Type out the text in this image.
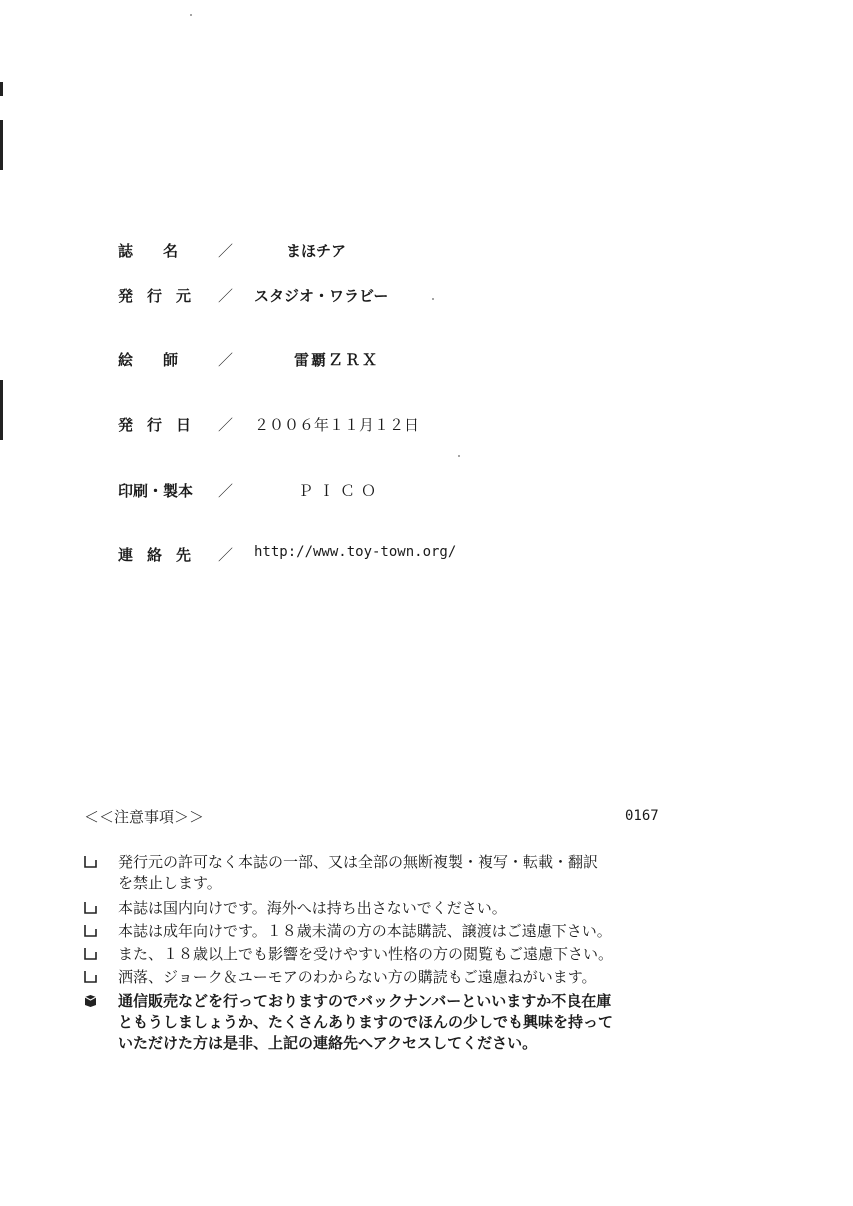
誌　　名	／	まほチア
発行元 ／ スタジオ・ワラビー
絵　　師	／	雷覇ＺＲＸ
発行日 ／ ２００６年１１月１２日
印刷・製本 ／	ＰＩＣＯ
連絡先 ／ http://www.toy-town.org/
＜＜注意事項＞＞	0167
発行元の許可なく本誌の一部、又は全部の無断複製・複写・転載・翻訳
を禁止します。
本誌は国内向けです。海外へは持ち出さないでください。
本誌は成年向けです。１８歳未満の方の本誌購読、譲渡はご遠慮下さい。
また、１８歳以上でも影響を受けやすい性格の方の閲覧もご遠慮下さい。
洒落、ジョーク＆ユーモアのわからない方の購読もご遠慮ねがいます。
通信販売などを行っておりますのでバックナンバーといいますか不良在庫
ともうしましょうか、たくさんありますのでほんの少しでも興味を持って
いただけた方は是非、上記の連絡先へアクセスしてください。
